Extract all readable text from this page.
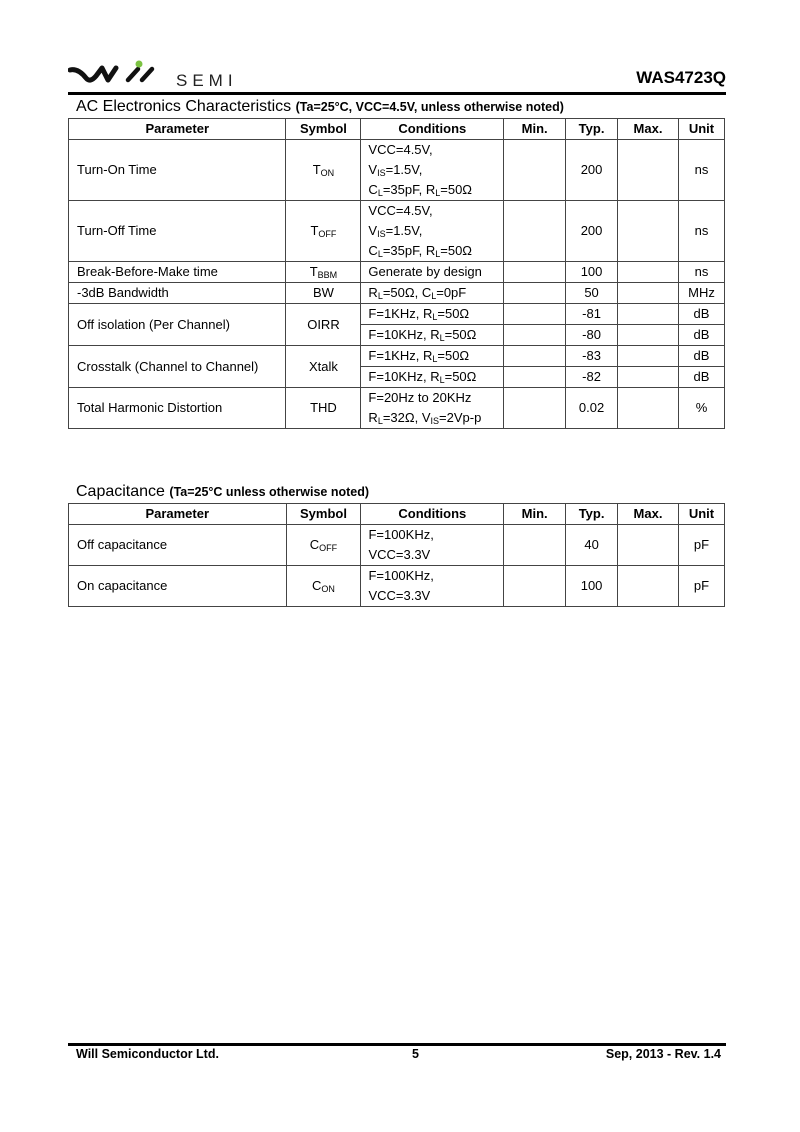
SEMI	WAS4723Q
AC Electronics Characteristics (Ta=25°C, VCC=4.5V, unless otherwise noted)
Parameter	Symbol	Conditions	Min.	Typ.	Max.	Unit
Turn-On Time	$T_{ON}$	VCC=4.5V,		200		ns
		$V_{IS}=1.5V$,				
		$C_L=35pF$, $R_L=50\Omega$				
Turn-Off Time	$T_{OFF}$	VCC=4.5V,		200		ns
		$V_{IS}=1.5V$,				
		$C_L=35pF$, $R_L=50\Omega$				
Break-Before-Make time	$T_{BBM}$	Generate by design		100		ns
-3dB Bandwidth	BW	$R_L=50\Omega$, $C_L=0pF$		50		MHz
Off isolation (Per Channel)	OIRR	F=1KHz, $R_L=50\Omega$		-81		dB
		F=10KHz, $R_L=50\Omega$		-80		dB
Crosstalk (Channel to Channel)	Xtalk	F=1KHz, $R_L=50\Omega$		-83		dB
		F=10KHz, $R_L=50\Omega$		-82		dB
Total Harmonic Distortion	THD	F=20Hz to 20KHz		0.02		%
		$R_L=32\Omega$, $V_{IS}=2Vp-p$				
Capacitance (Ta=25°C unless otherwise noted)
Parameter	Symbol	Conditions	Min.	Typ.	Max.	Unit
Off capacitance	$C_{OFF}$	F=100KHz,		40		pF
		VCC=3.3V				
On capacitance	$C_{ON}$	F=100KHz,		100		pF
		VCC=3.3V				
Will Semiconductor Ltd.	5	Sep, 2013 - Rev. 1.4
